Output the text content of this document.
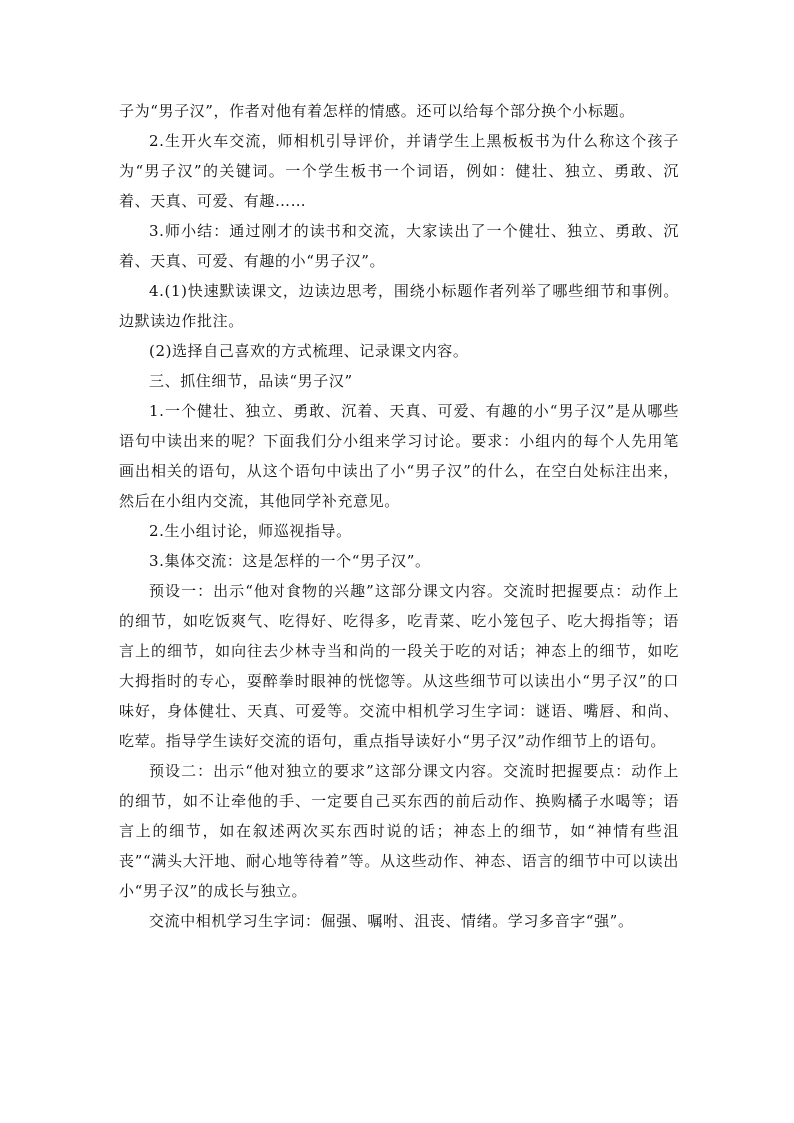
子为“男子汉”，作者对他有着怎样的情感。还可以给每个部分换个小标题。

2.生开火车交流，师相机引导评价，并请学生上黑板板书为什么称这个孩子为“男子汉”的关键词。一个学生板书一个词语，例如：健壮、独立、勇敢、沉着、天真、可爱、有趣……

3.师小结：通过刚才的读书和交流，大家读出了一个健壮、独立、勇敢、沉着、天真、可爱、有趣的小“男子汉”。

4.(1)快速默读课文，边读边思考，围绕小标题作者列举了哪些细节和事例。边默读边作批注。

(2)选择自己喜欢的方式梳理、记录课文内容。

三、抓住细节，品读“男子汉”

1.一个健壮、独立、勇敢、沉着、天真、可爱、有趣的小“男子汉”是从哪些语句中读出来的呢？下面我们分小组来学习讨论。要求：小组内的每个人先用笔画出相关的语句，从这个语句中读出了小“男子汉”的什么，在空白处标注出来，然后在小组内交流，其他同学补充意见。

2.生小组讨论，师巡视指导。

3.集体交流：这是怎样的一个“男子汉”。

预设一：出示“他对食物的兴趣”这部分课文内容。交流时把握要点：动作上的细节，如吃饭爽气、吃得好、吃得多，吃青菜、吃小笼包子、吃大拇指等；语言上的细节，如向往去少林寺当和尚的一段关于吃的对话；神态上的细节，如吃大拇指时的专心，耍醉拳时眼神的恍惚等。从这些细节可以读出小“男子汉”的口味好，身体健壮、天真、可爱等。交流中相机学习生字词：谜语、嘴唇、和尚、吃荤。指导学生读好交流的语句，重点指导读好小“男子汉”动作细节上的语句。

预设二：出示“他对独立的要求”这部分课文内容。交流时把握要点：动作上的细节，如不让牵他的手、一定要自己买东西的前后动作、换购橘子水喝等；语言上的细节，如在叙述两次买东西时说的话；神态上的细节，如“神情有些沮丧”“满头大汗地、耐心地等待着”等。从这些动作、神态、语言的细节中可以读出小“男子汉”的成长与独立。

交流中相机学习生字词：倔强、嘱咐、沮丧、情绪。学习多音字“强”。
